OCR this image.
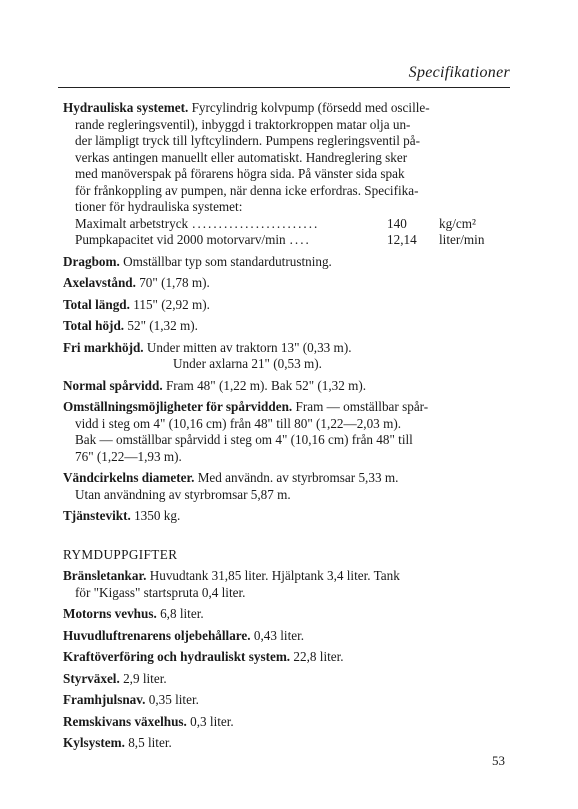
Specifikationer

Hydrauliska systemet. Fyrcylindrig kolvpump (försedd med oscille-

rande regleringsventil), inbyggd i traktorkroppen matar olja un-

der lämpligt tryck till lyftcylindern. Pumpens regleringsventil på-

verkas antingen manuellt eller automatiskt. Handreglering sker

med manöverspak på förarens högra sida. På vänster sida spak

för frånkoppling av pumpen, när denna icke erfordras. Specifika-

tioner för hydrauliska systemet:

Maximalt arbetstryck ........................	140	kg/cm²
Pumpkapacitet vid 2000 motorvarv/min ....	12,14	liter/min

Dragbom. Omställbar typ som standardutrustning.

Axelavstånd. 70" (1,78 m).

Total längd. 115" (2,92 m).

Total höjd. 52" (1,32 m).

Fri markhöjd. Under mitten av traktorn 13" (0,33 m).

Under axlarna 21" (0,53 m).

Normal spårvidd. Fram 48" (1,22 m). Bak 52" (1,32 m).

Omställningsmöjligheter för spårvidden. Fram — omställbar spår-

vidd i steg om 4" (10,16 cm) från 48" till 80" (1,22—2,03 m).

Bak — omställbar spårvidd i steg om 4" (10,16 cm) från 48" till

76" (1,22—1,93 m).

Vändcirkelns diameter. Med användn. av styrbromsar 5,33 m.

Utan användning av styrbromsar 5,87 m.

Tjänstevikt. 1350 kg.

RYMDUPPGIFTER

Bränsletankar. Huvudtank 31,85 liter. Hjälptank 3,4 liter. Tank

för "Kigass" startspruta 0,4 liter.

Motorns vevhus. 6,8 liter.

Huvudluftrenarens oljebehållare. 0,43 liter.

Kraftöverföring och hydrauliskt system. 22,8 liter.

Styrväxel. 2,9 liter.

Framhjulsnav. 0,35 liter.

Remskivans växelhus. 0,3 liter.

Kylsystem. 8,5 liter.

53
